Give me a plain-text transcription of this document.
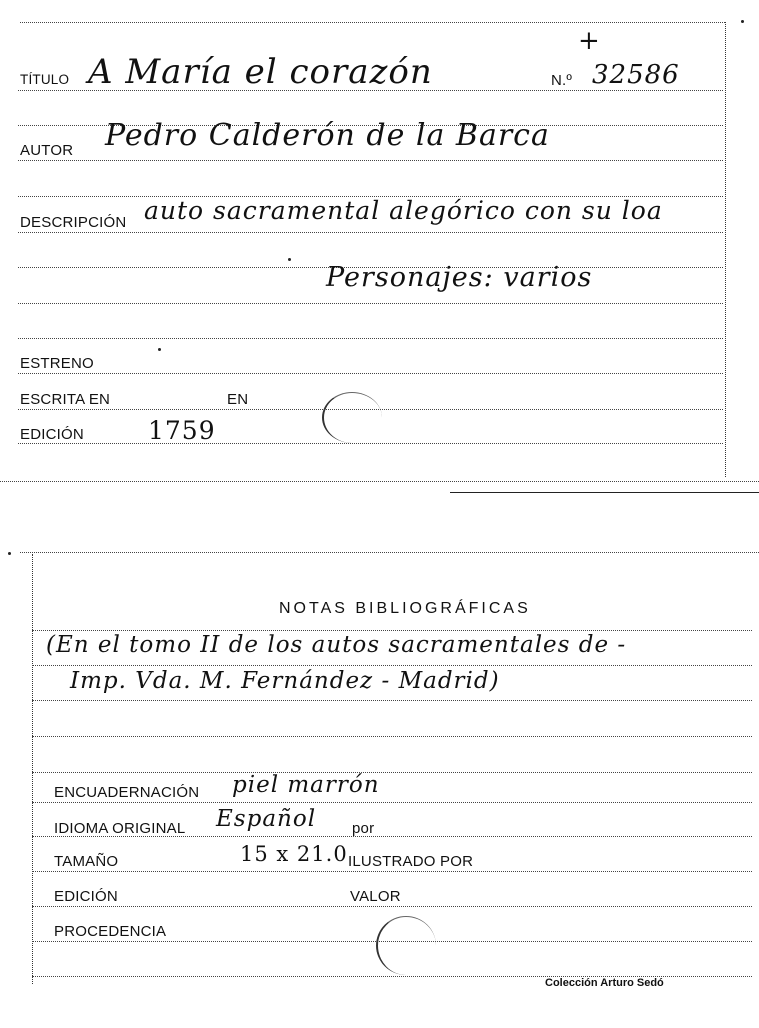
TÍTULO A María el corazón	N.º 32586
+
AUTOR Pedro Calderón de la Barca
DESCRIPCIÓN auto sacramental alegórico con su loa
Personajes: varios
ESTRENO
ESCRITA EN	EN
EDICIÓN	1759
NOTAS BIBLIOGRÁFICAS
(En el tomo II de los autos sacramentales de -
Imp. Vda. M. Fernández - Madrid)
ENCUADERNACIÓN piel marrón
IDIOMA ORIGINAL Español por
TAMAÑO	15 x 21.0 ILUSTRADO POR
EDICIÓN	VALOR
PROCEDENCIA
Colección Arturo Sedó
